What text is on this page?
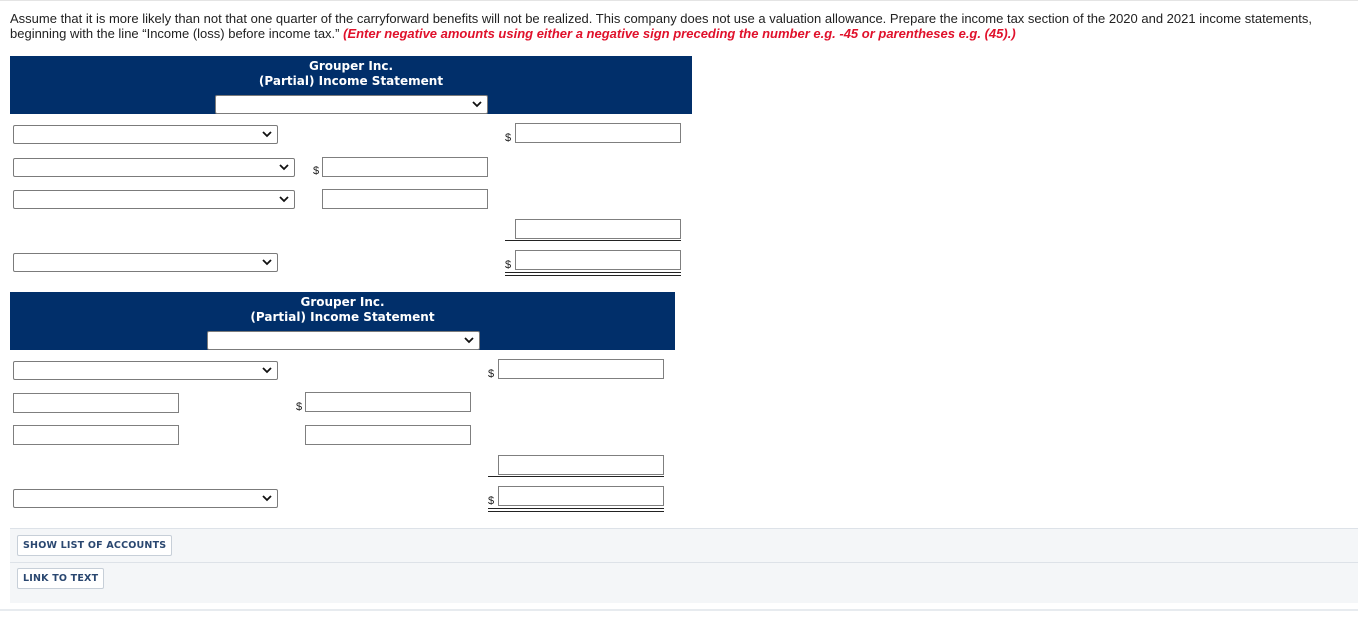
Assume that it is more likely than not that one quarter of the carryforward benefits will not be realized. This company does not use a valuation allowance. Prepare the income tax section of the 2020 and 2021 income statements, beginning with the line “Income (loss) before income tax.” (Enter negative amounts using either a negative sign preceding the number e.g. -45 or parentheses e.g. (45).)
Grouper Inc.
(Partial) Income Statement
$
$
$
Grouper Inc.
(Partial) Income Statement
$
$
$
SHOW LIST OF ACCOUNTS
LINK TO TEXT
